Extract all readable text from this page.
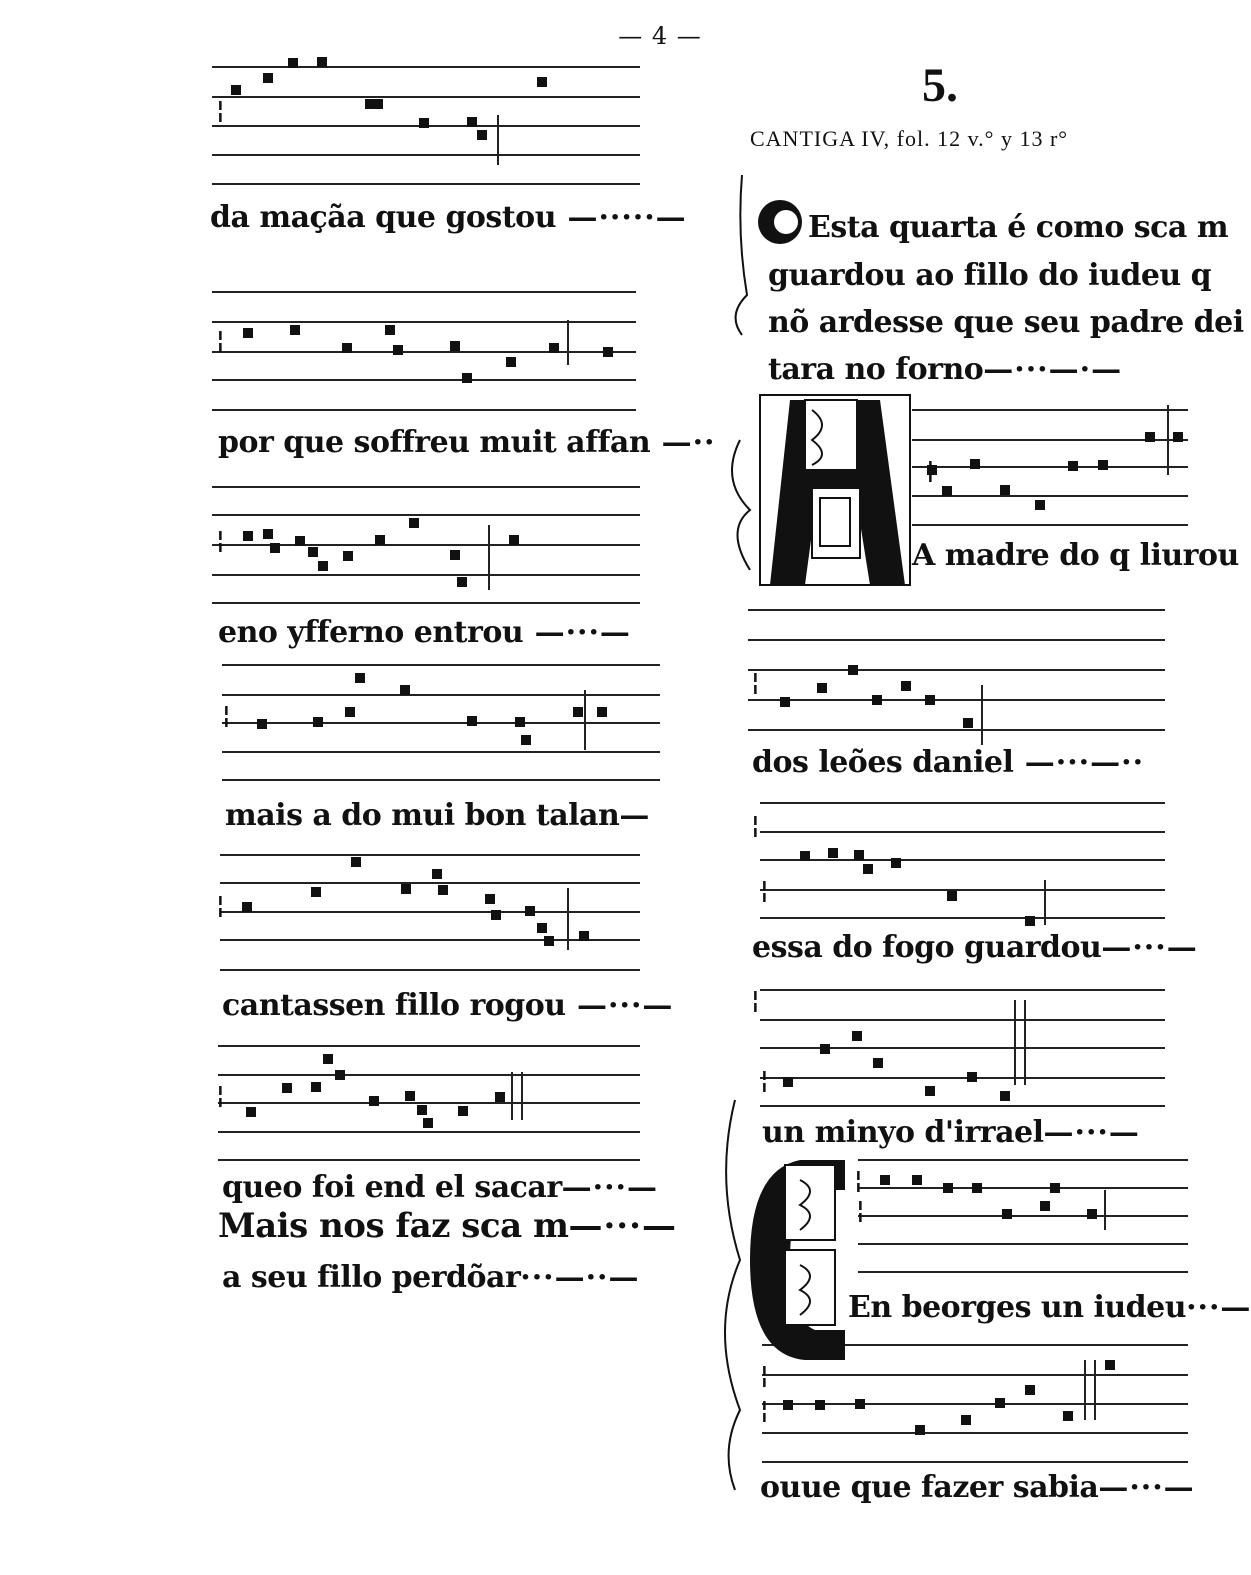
— 4 —
5.
CANTIGA IV, fol. 12 v.° y 13 r°
¦
¦
¦
¦
¦
¦
¦
¦
¦
¦
¦
¦
¦
¦
¦
¦
da maçãa que gostou —·····—
por que soffreu muit affan —··
eno yfferno entrou —···—
mais a do mui bon talan—
cantassen fillo rogou —···—
queo foi end el sacar—···—
Mais nos faz sca m—···—
a seu fillo perdõar···—··—
Esta quarta é como sca m
guardou ao fillo do iudeu q
nõ ardesse que seu padre dei
tara no forno—···—·—
A madre do q liurou
dos leões daniel —···—··
essa do fogo guardou—···—
un minyo d'irrael—···—
En beorges un iudeu···—
ouue que fazer sabia—···—
